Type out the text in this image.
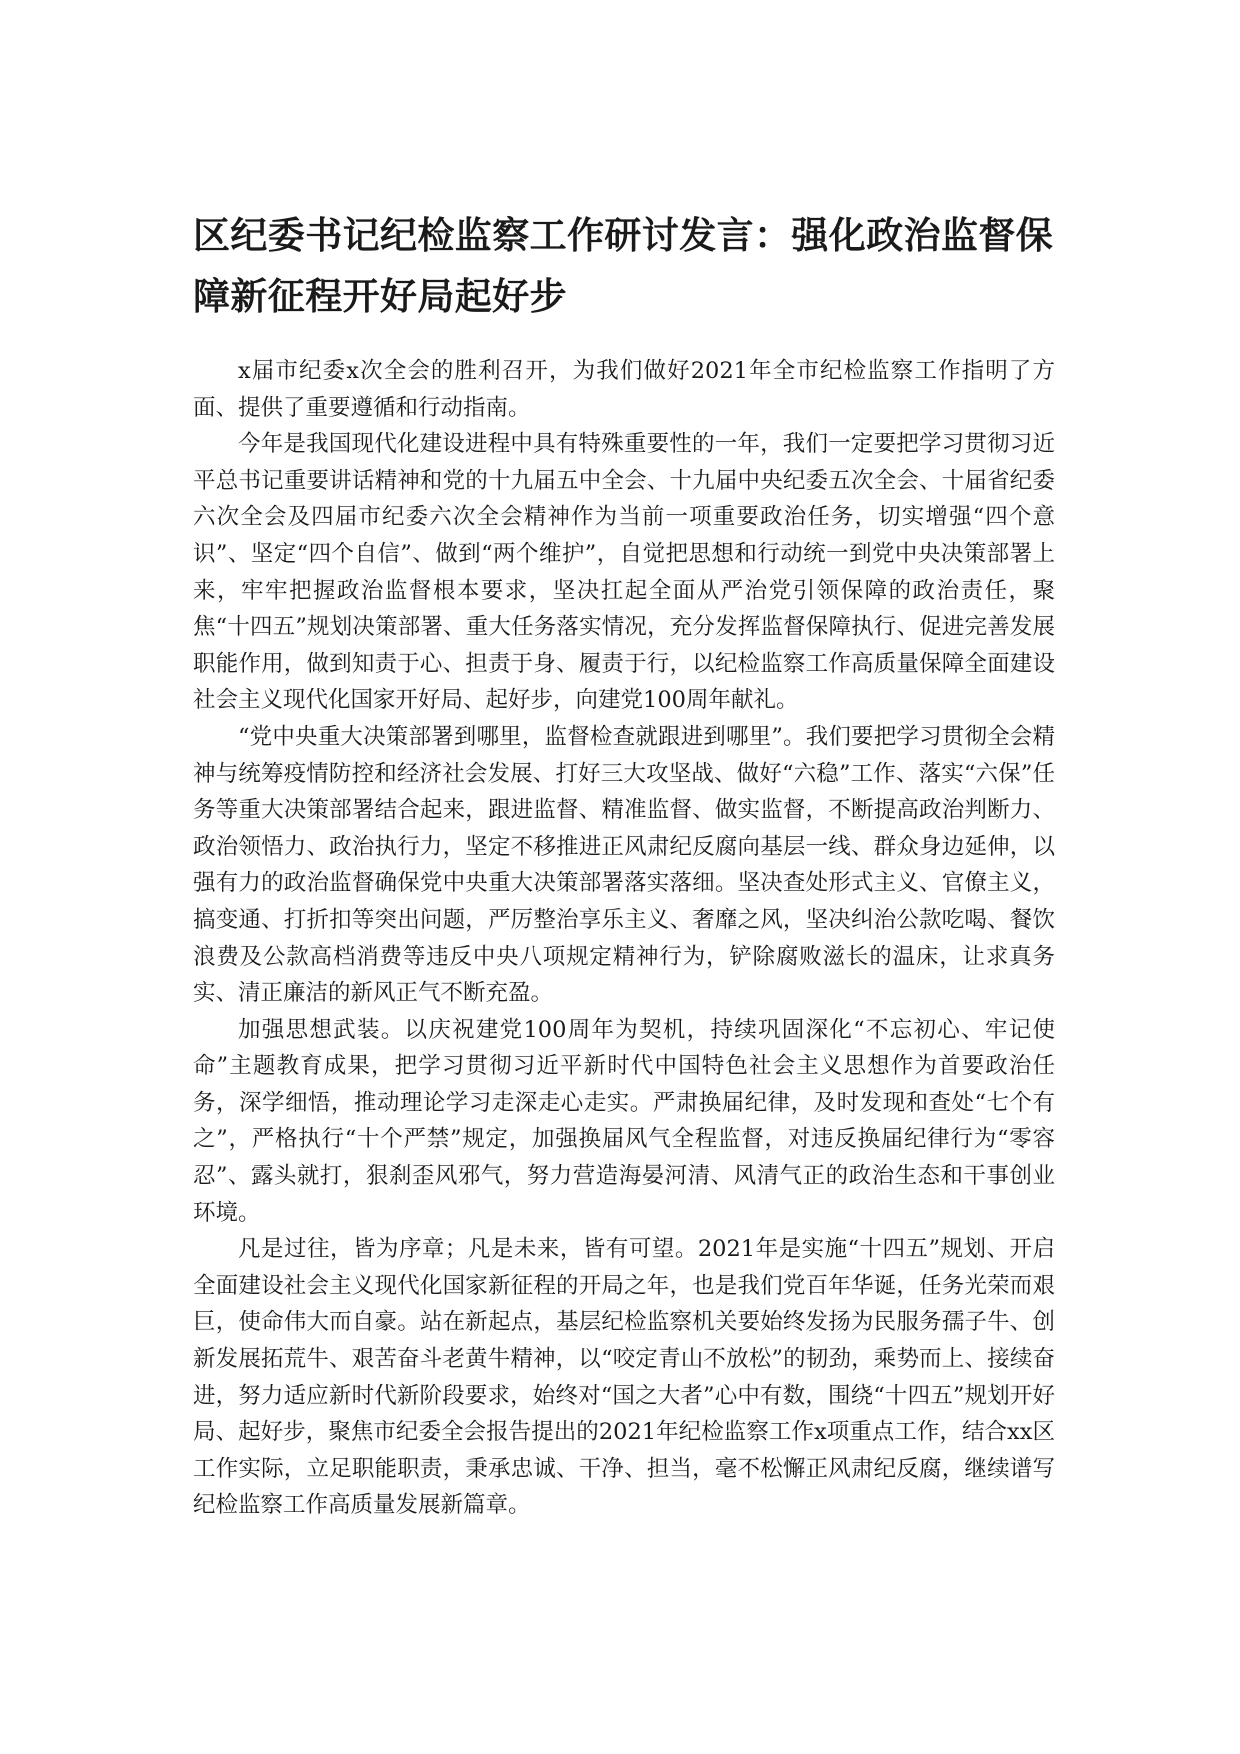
区纪委书记纪检监察工作研讨发言：强化政治监督保障新征程开好局起好步

x届市纪委x次全会的胜利召开，为我们做好2021年全市纪检监察工作指明了方面、提供了重要遵循和行动指南。

今年是我国现代化建设进程中具有特殊重要性的一年，我们一定要把学习贯彻习近平总书记重要讲话精神和党的十九届五中全会、十九届中央纪委五次全会、十届省纪委六次全会及四届市纪委六次全会精神作为当前一项重要政治任务，切实增强“四个意识”、坚定“四个自信”、做到“两个维护”，自觉把思想和行动统一到党中央决策部署上来，牢牢把握政治监督根本要求，坚决扛起全面从严治党引领保障的政治责任，聚焦“十四五”规划决策部署、重大任务落实情况，充分发挥监督保障执行、促进完善发展职能作用，做到知责于心、担责于身、履责于行，以纪检监察工作高质量保障全面建设社会主义现代化国家开好局、起好步，向建党100周年献礼。

“党中央重大决策部署到哪里，监督检查就跟进到哪里”。我们要把学习贯彻全会精神与统筹疫情防控和经济社会发展、打好三大攻坚战、做好“六稳”工作、落实“六保”任务等重大决策部署结合起来，跟进监督、精准监督、做实监督，不断提高政治判断力、政治领悟力、政治执行力，坚定不移推进正风肃纪反腐向基层一线、群众身边延伸，以强有力的政治监督确保党中央重大决策部署落实落细。坚决查处形式主义、官僚主义，搞变通、打折扣等突出问题，严厉整治享乐主义、奢靡之风，坚决纠治公款吃喝、餐饮浪费及公款高档消费等违反中央八项规定精神行为，铲除腐败滋长的温床，让求真务实、清正廉洁的新风正气不断充盈。

加强思想武装。以庆祝建党100周年为契机，持续巩固深化“不忘初心、牢记使命”主题教育成果，把学习贯彻习近平新时代中国特色社会主义思想作为首要政治任务，深学细悟，推动理论学习走深走心走实。严肃换届纪律，及时发现和查处“七个有之”，严格执行“十个严禁”规定，加强换届风气全程监督，对违反换届纪律行为“零容忍”、露头就打，狠刹歪风邪气，努力营造海晏河清、风清气正的政治生态和干事创业环境。

凡是过往，皆为序章；凡是未来，皆有可望。2021年是实施“十四五”规划、开启全面建设社会主义现代化国家新征程的开局之年，也是我们党百年华诞，任务光荣而艰巨，使命伟大而自豪。站在新起点，基层纪检监察机关要始终发扬为民服务孺子牛、创新发展拓荒牛、艰苦奋斗老黄牛精神，以“咬定青山不放松”的韧劲，乘势而上、接续奋进，努力适应新时代新阶段要求，始终对“国之大者”心中有数，围绕“十四五”规划开好局、起好步，聚焦市纪委全会报告提出的2021年纪检监察工作x项重点工作，结合xx区工作实际，立足职能职责，秉承忠诚、干净、担当，毫不松懈正风肃纪反腐，继续谱写纪检监察工作高质量发展新篇章。
